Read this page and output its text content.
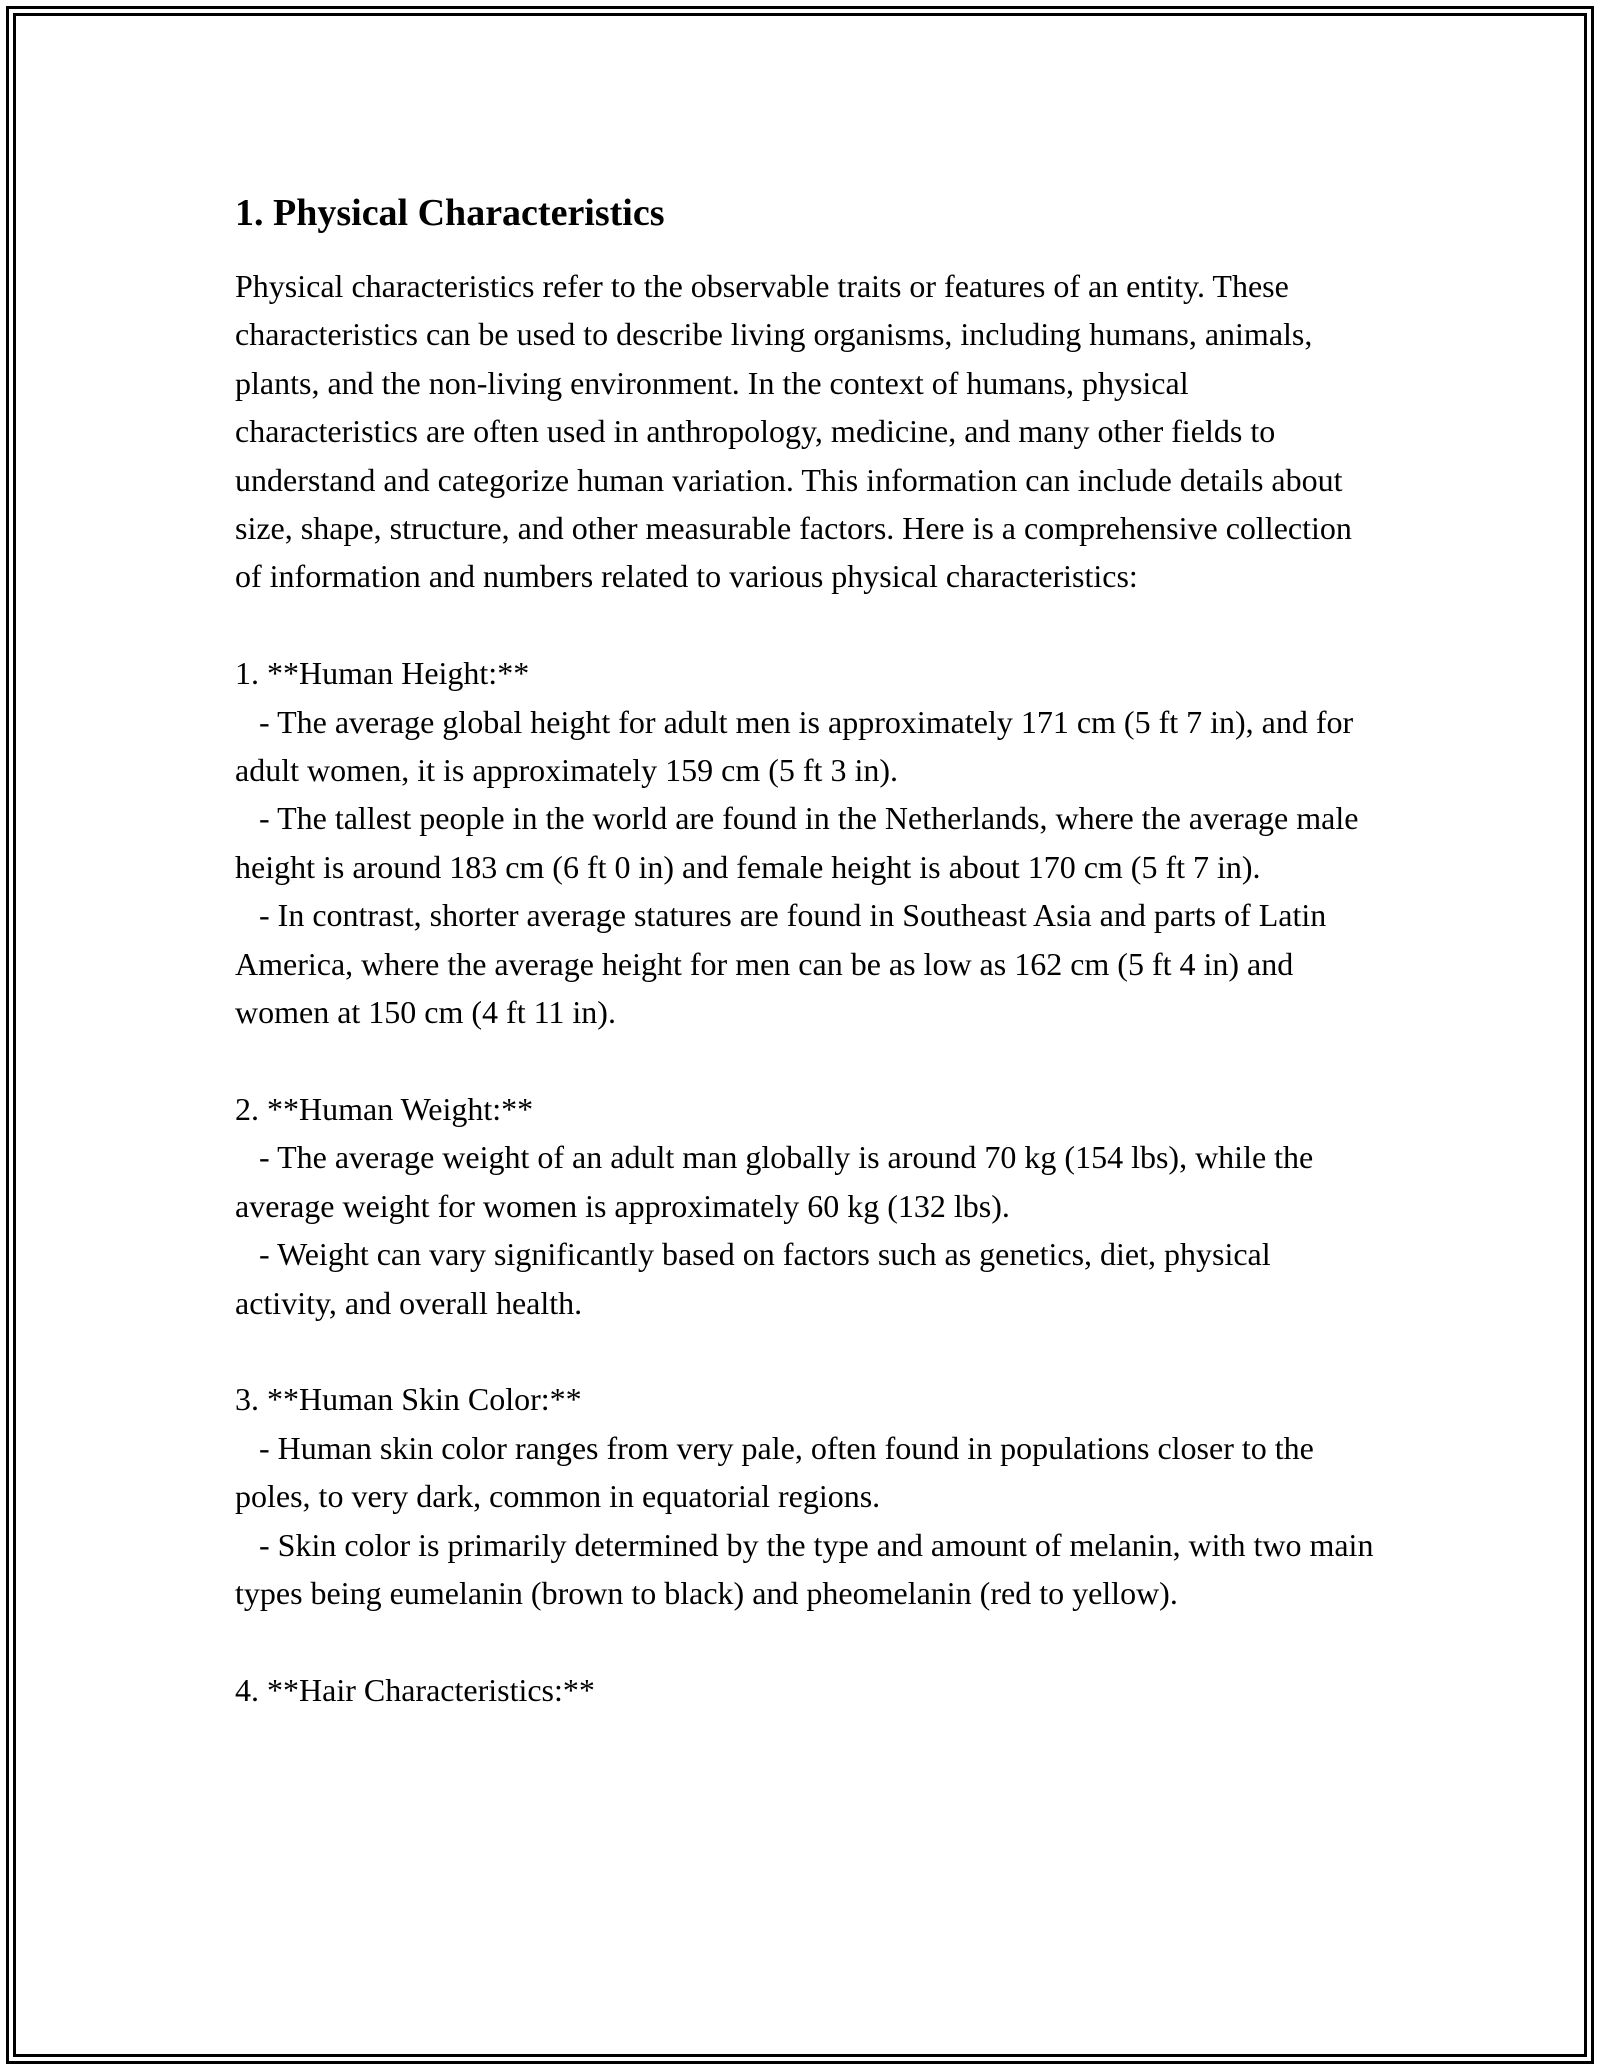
1. Physical Characteristics

Physical characteristics refer to the observable traits or features of an entity. These characteristics can be used to describe living organisms, including humans, animals, plants, and the non-living environment. In the context of humans, physical characteristics are often used in anthropology, medicine, and many other fields to understand and categorize human variation. This information can include details about size, shape, structure, and other measurable factors. Here is a comprehensive collection of information and numbers related to various physical characteristics:

1. **Human Height:**

- The average global height for adult men is approximately 171 cm (5 ft 7 in), and for adult women, it is approximately 159 cm (5 ft 3 in).

- The tallest people in the world are found in the Netherlands, where the average male height is around 183 cm (6 ft 0 in) and female height is about 170 cm (5 ft 7 in).

- In contrast, shorter average statures are found in Southeast Asia and parts of Latin America, where the average height for men can be as low as 162 cm (5 ft 4 in) and women at 150 cm (4 ft 11 in).

2. **Human Weight:**

- The average weight of an adult man globally is around 70 kg (154 lbs), while the average weight for women is approximately 60 kg (132 lbs).

- Weight can vary significantly based on factors such as genetics, diet, physical activity, and overall health.

3. **Human Skin Color:**

- Human skin color ranges from very pale, often found in populations closer to the poles, to very dark, common in equatorial regions.

- Skin color is primarily determined by the type and amount of melanin, with two main types being eumelanin (brown to black) and pheomelanin (red to yellow).

4. **Hair Characteristics:**
